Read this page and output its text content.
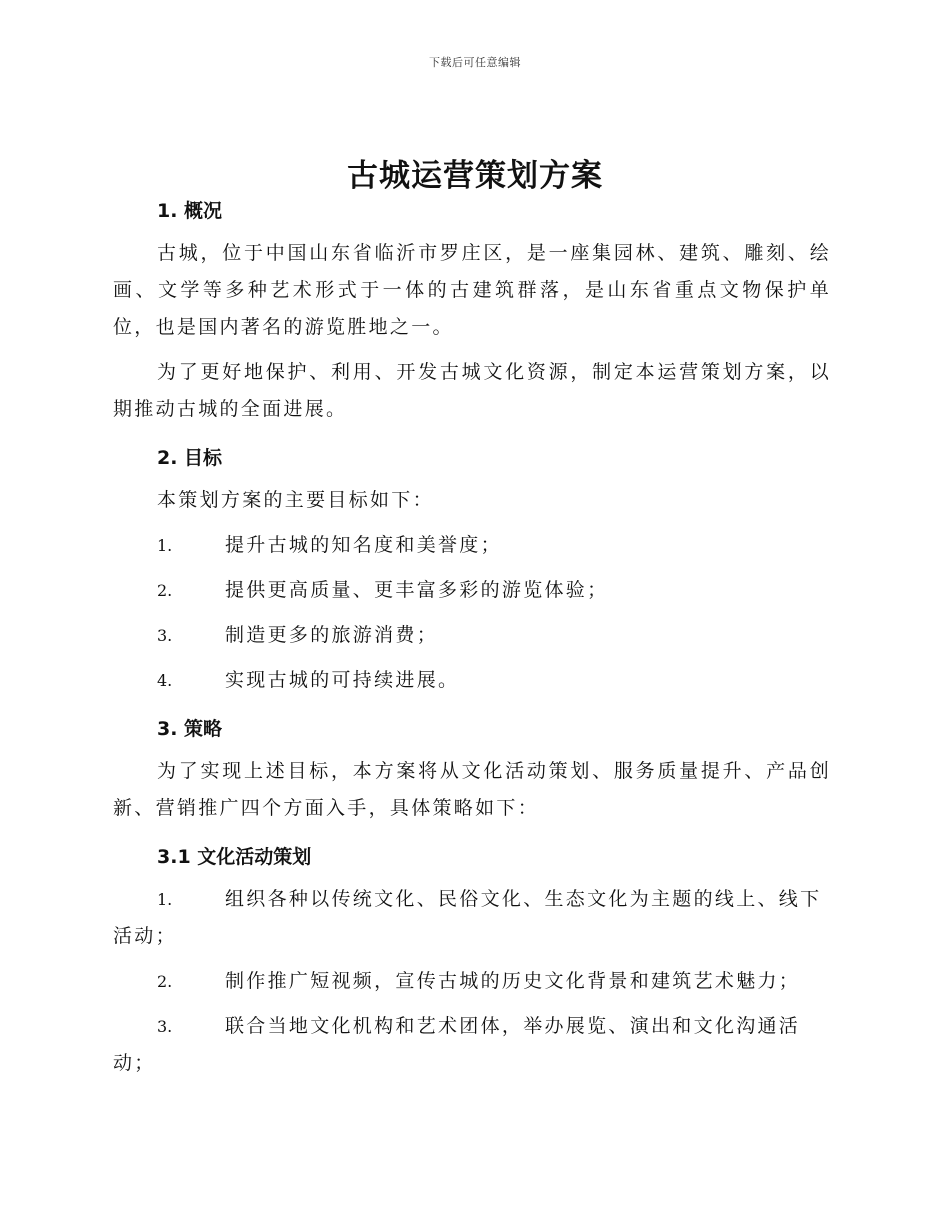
下载后可任意编辑
古城运营策划方案
1. 概况

古城，位于中国山东省临沂市罗庄区，是一座集园林、建筑、雕刻、绘画、文学等多种艺术形式于一体的古建筑群落，是山东省重点文物保护单位，也是国内著名的游览胜地之一。

为了更好地保护、利用、开发古城文化资源，制定本运营策划方案，以期推动古城的全面进展。

2. 目标

本策划方案的主要目标如下：

1.	提升古城的知名度和美誉度；

2.	提供更高质量、更丰富多彩的游览体验；

3.	制造更多的旅游消费；

4.	实现古城的可持续进展。

3. 策略

为了实现上述目标，本方案将从文化活动策划、服务质量提升、产品创新、营销推广四个方面入手，具体策略如下：

3.1 文化活动策划

1.	组织各种以传统文化、民俗文化、生态文化为主题的线上、线下活动；

2.	制作推广短视频，宣传古城的历史文化背景和建筑艺术魅力；

3.	联合当地文化机构和艺术团体，举办展览、演出和文化沟通活动；
